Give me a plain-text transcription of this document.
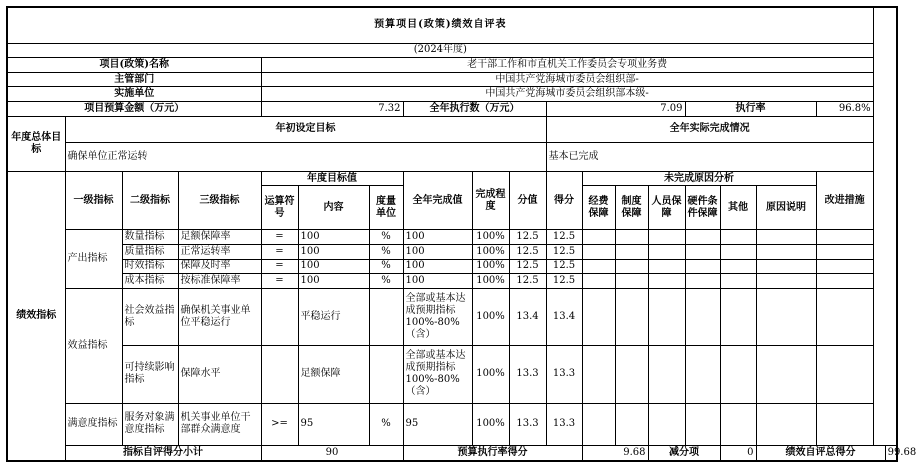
预算项目(政策)绩效自评表																		
(2024年度)																		
项目(政策)名称				老干部工作和市直机关工作委员会专项业务费														
主管部门				中国共产党海城市委员会组织部-														
实施单位				中国共产党海城市委员会组织部本级-														
项目预算金额（万元）				7.32			全年执行数（万元）			7.09				执行率			96.8%	
年度总体目标	年初设定目标									全年实际完成情况								
	确保单位正常运转									基本已完成								
绩效指标	一级指标	二级指标	三级指标	年度目标值			全年完成值	完成程度	分值	得分	未完成原因分析						改进措施	
				运算符号	内容	度量单位					经费保障	制度保障	人员保障	硬件条件保障	其他	原因说明		
	产出指标	数量指标	足额保障率	=	100	%	100	100%	12.5	12.5								
		质量指标	正常运转率	=	100	%	100	100%	12.5	12.5								
		时效指标	保障及时率	=	100	%	100	100%	12.5	12.5								
		成本指标	按标准保障率	=	100	%	100	100%	12.5	12.5								
	效益指标	社会效益指标	确保机关事业单位平稳运行		平稳运行		全部或基本达成预期指标100%-80%（含）	100%	13.4	13.4								
		可持续影响指标	保障水平		足额保障		全部或基本达成预期指标100%-80%（含）	100%	13.3	13.3								
	满意度指标	服务对象满意度指标	机关事业单位干部群众满意度	>=	95	%	95	100%	13.3	13.3								
	指标自评得分小计			90			预算执行率得分				9.68		减分项		0	绩效自评总得分		99.68
